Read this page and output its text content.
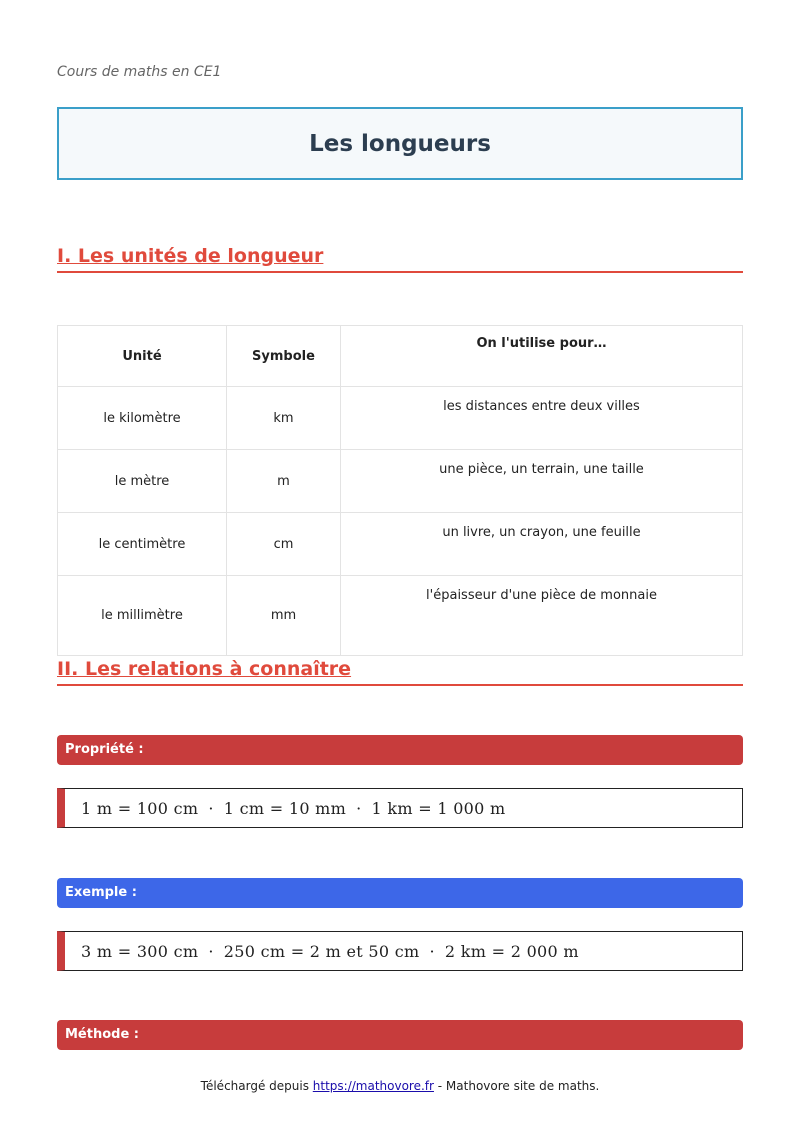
Cours de maths en CE1
Les longueurs
I. Les unités de longueur
Unité	Symbole	On l'utilise pour…
le kilomètre	km	les distances entre deux villes
le mètre	m	une pièce, un terrain, une taille
le centimètre	cm	un livre, un crayon, une feuille
le millimètre	mm	l'épaisseur d'une pièce de monnaie
II. Les relations à connaître
Propriété :
1 m = 100 cm · 1 cm = 10 mm · 1 km = 1 000 m
Exemple :
3 m = 300 cm · 250 cm = 2 m et 50 cm · 2 km = 2 000 m
Méthode :
Téléchargé depuis https://mathovore.fr - Mathovore site de maths.
